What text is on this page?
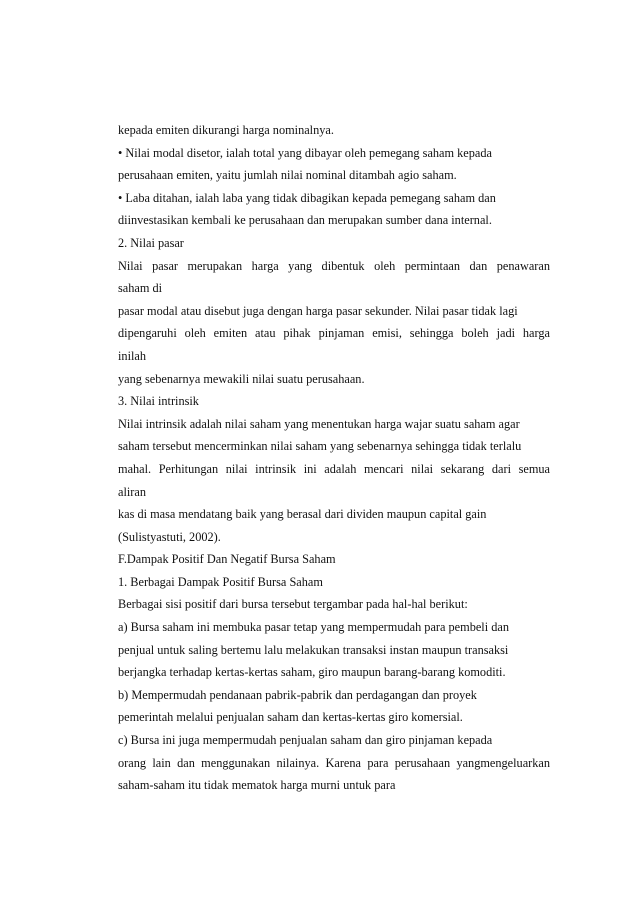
kepada emiten dikurangi harga nominalnya.
• Nilai modal disetor, ialah total yang dibayar oleh pemegang saham kepada
perusahaan emiten, yaitu jumlah nilai nominal ditambah agio saham.
• Laba ditahan, ialah laba yang tidak dibagikan kepada pemegang saham dan
diinvestasikan kembali ke perusahaan dan merupakan sumber dana internal.
2. Nilai pasar
Nilai pasar merupakan harga yang dibentuk oleh permintaan dan penawaran
saham di
pasar modal atau disebut juga dengan harga pasar sekunder. Nilai pasar tidak lagi
dipengaruhi oleh emiten atau pihak pinjaman emisi, sehingga boleh jadi harga
inilah
yang sebenarnya mewakili nilai suatu perusahaan.
3. Nilai intrinsik
Nilai intrinsik adalah nilai saham yang menentukan harga wajar suatu saham agar
saham tersebut mencerminkan nilai saham yang sebenarnya sehingga tidak terlalu
mahal. Perhitungan nilai intrinsik ini adalah mencari nilai sekarang dari semua
aliran
kas di masa mendatang baik yang berasal dari dividen maupun capital gain
(Sulistyastuti, 2002).
F.Dampak Positif Dan Negatif Bursa Saham
1. Berbagai Dampak Positif Bursa Saham
Berbagai sisi positif dari bursa tersebut tergambar pada hal-hal berikut:
a) Bursa saham ini membuka pasar tetap yang mempermudah para pembeli dan
penjual untuk saling bertemu lalu melakukan transaksi instan maupun transaksi
berjangka terhadap kertas-kertas saham, giro maupun barang-barang komoditi.
b) Mempermudah pendanaan pabrik-pabrik dan perdagangan dan proyek
pemerintah melalui penjualan saham dan kertas-kertas giro komersial.
c) Bursa ini juga mempermudah penjualan saham dan giro pinjaman kepada
orang lain dan menggunakan nilainya. Karena para perusahaan yangmengeluarkan
saham-saham itu tidak mematok harga murni untuk para
